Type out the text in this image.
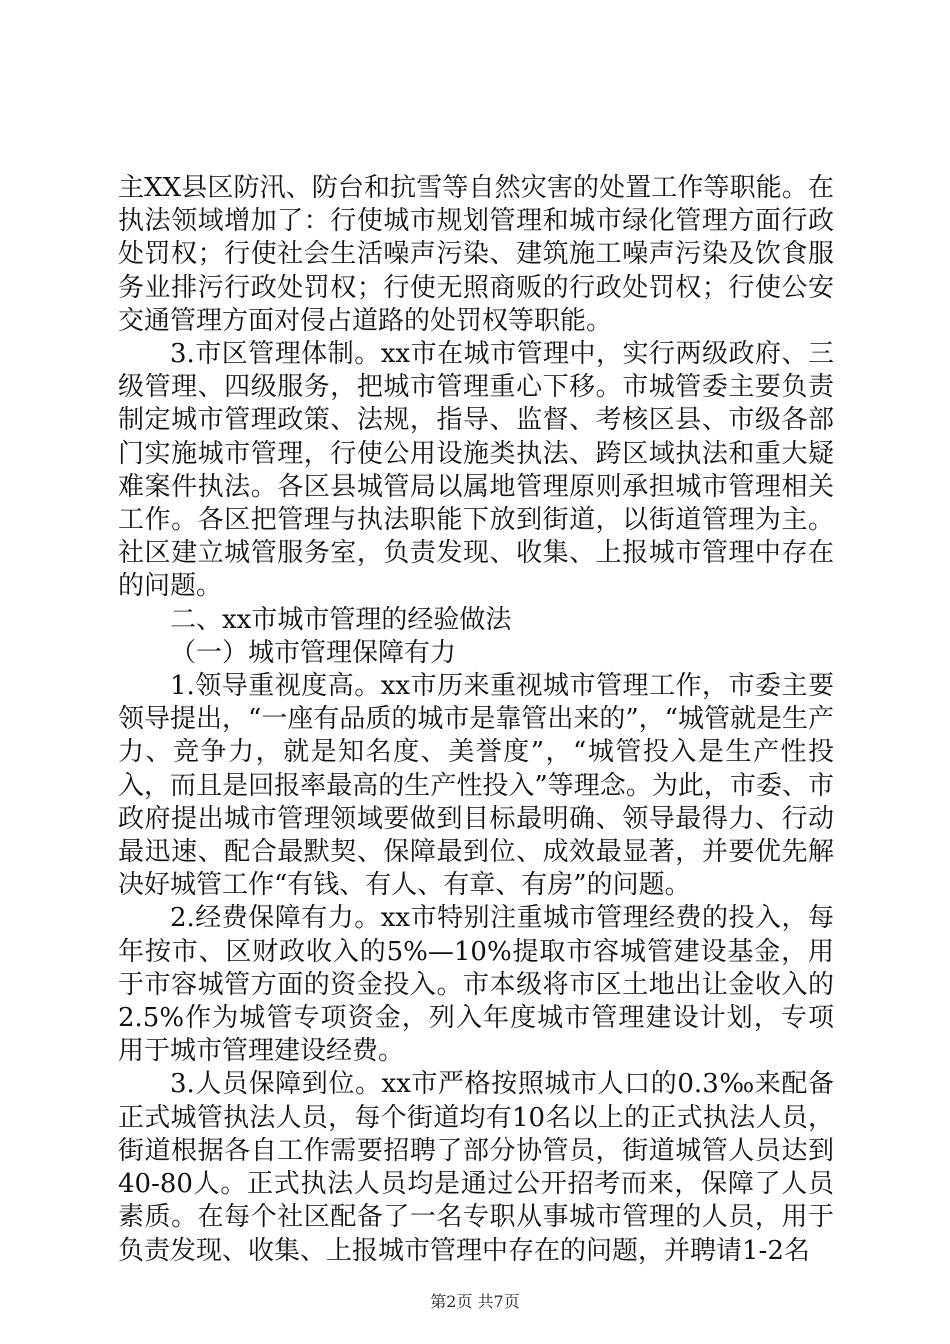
主XX县区防汛、防台和抗雪等自然灾害的处置工作等职能。在执法领域增加了：行使城市规划管理和城市绿化管理方面行政处罚权；行使社会生活噪声污染、建筑施工噪声污染及饮食服务业排污行政处罚权；行使无照商贩的行政处罚权；行使公安交通管理方面对侵占道路的处罚权等职能。

3.市区管理体制。xx市在城市管理中，实行两级政府、三级管理、四级服务，把城市管理重心下移。市城管委主要负责制定城市管理政策、法规，指导、监督、考核区县、市级各部门实施城市管理，行使公用设施类执法、跨区域执法和重大疑难案件执法。各区县城管局以属地管理原则承担城市管理相关工作。各区把管理与执法职能下放到街道，以街道管理为主。社区建立城管服务室，负责发现、收集、上报城市管理中存在的问题。

二、xx市城市管理的经验做法

（一）城市管理保障有力

1.领导重视度高。xx市历来重视城市管理工作，市委主要领导提出，“一座有品质的城市是靠管出来的”，“城管就是生产力、竞争力，就是知名度、美誉度”，“城管投入是生产性投入，而且是回报率最高的生产性投入”等理念。为此，市委、市政府提出城市管理领域要做到目标最明确、领导最得力、行动最迅速、配合最默契、保障最到位、成效最显著，并要优先解决好城管工作“有钱、有人、有章、有房”的问题。

2.经费保障有力。xx市特别注重城市管理经费的投入，每年按市、区财政收入的5%—10%提取市容城管建设基金，用于市容城管方面的资金投入。市本级将市区土地出让金收入的2.5%作为城管专项资金，列入年度城市管理建设计划，专项用于城市管理建设经费。

3.人员保障到位。xx市严格按照城市人口的0.3‰来配备正式城管执法人员，每个街道均有10名以上的正式执法人员，街道根据各自工作需要招聘了部分协管员，街道城管人员达到40-80人。正式执法人员均是通过公开招考而来，保障了人员素质。在每个社区配备了一名专职从事城市管理的人员，用于负责发现、收集、上报城市管理中存在的问题，并聘请1-2名

第2页 共7页
